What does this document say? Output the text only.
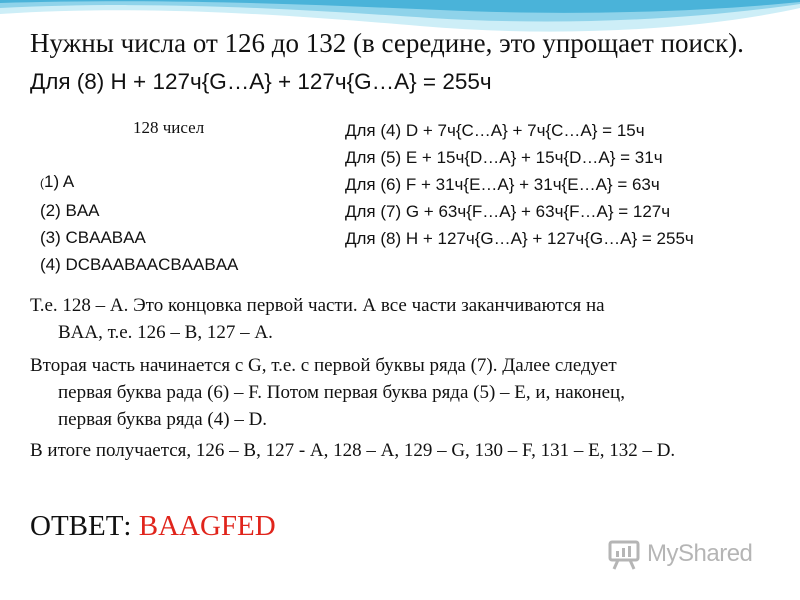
Нужны числа от 126 до 132 (в середине, это упрощает поиск).
Для (8) H + 127ч{G…A} + 127ч{G…A} = 255ч
128 чисел
(1) A
(2) BAA
(3) CBAABAA
(4) DCBAABAACBAABAA
Для (4) D + 7ч{C…A} + 7ч{C…A} = 15ч
Для (5) E + 15ч{D…A} + 15ч{D…A} = 31ч
Для (6) F + 31ч{E…A} + 31ч{E…A} = 63ч
Для (7) G + 63ч{F…A} + 63ч{F…A} = 127ч
Для (8) H + 127ч{G…A} + 127ч{G…A} = 255ч
Т.е. 128 – А. Это концовка первой части. А все части заканчиваются на
BAA, т.е. 126 – В, 127 – А.
Вторая часть начинается с G, т.е. с первой буквы ряда (7). Далее следует
первая буква рада (6) – F. Потом первая буква ряда (5) – E, и, наконец,
первая буква ряда (4) – D.
В итоге получается, 126 – В, 127 - А, 128 – А, 129 – G, 130 – F, 131 – E, 132 – D.
ОТВЕТ: BAAGFED
MyShared
